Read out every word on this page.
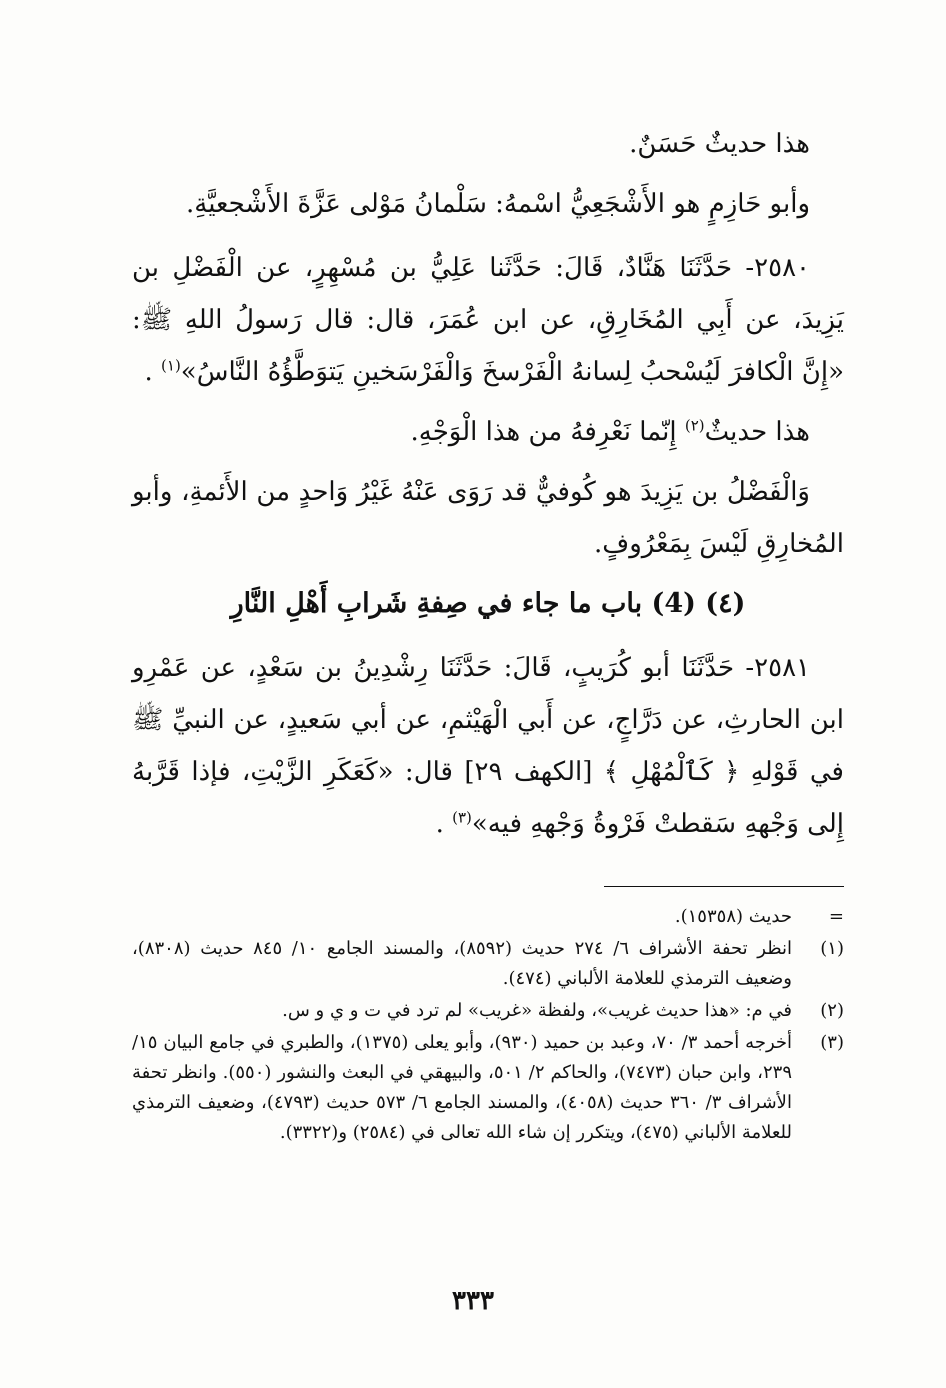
هذا حديثٌ حَسَنٌ.

وأبو حَازِمٍ هو الأَشْجَعِيُّ اسْمهُ: سَلْمانُ مَوْلى عَزَّةَ الأَشْجعيَّةِ.

٢٥٨٠- حَدَّثَنَا هَنَّادٌ، قَالَ: حَدَّثَنا عَلِيُّ بن مُسْهِرٍ، عن الْفَضْلِ بن يَزِيدَ، عن أَبِي المُخَارِقِ، عن ابن عُمَرَ، قال: قال رَسولُ اللهِ ﷺ: «إِنَّ الْكافرَ لَيُسْحبُ لِسانهُ الْفَرْسخَ وَالْفَرْسَخينِ يَتوَطَّؤُهُ النَّاسُ»$^{(١)}$ .

هذا حديثٌ$^{(٢)}$ إِنّما نَعْرِفهُ من هذا الْوَجْهِ.

وَالْفَضْلُ بن يَزِيدَ هو كُوفيٌّ قد رَوَى عَنْهُ غَيْرُ وَاحدٍ من الأَئمةِ، وأبو المُخارِقِ لَيْسَ بِمَعْرُوفٍ.

(٤) (4) باب ما جاء في صِفةِ شَرابِ أَهْلِ النَّارِ

٢٥٨١- حَدَّثَنَا أبو كُرَيبٍ، قَالَ: حَدَّثَنَا رِشْدِينُ بن سَعْدٍ، عن عَمْرِو ابن الحارثِ، عن دَرَّاجٍ، عن أَبي الْهَيْثمِ، عن أبي سَعيدٍ، عن النبيِّ ﷺ في قَوْلهِ ﴿ كَٱلْمُهْلِ ﴾ [الكهف ٢٩] قال: «كَعَكَرِ الزَّيْتِ، فإذا قَرَّبهُ إِلى وَجْههِ سَقطتْ فَرْوةُ وَجْههِ فيه»$^{(٣)}$ .

=
حديث (١٥٣٥٨).
(١)
انظر تحفة الأشراف ٦/ ٢٧٤ حديث (٨٥٩٢)، والمسند الجامع ١٠/ ٨٤٥ حديث (٨٣٠٨)، وضعيف الترمذي للعلامة الألباني (٤٧٤).
(٢)
في م: «هذا حديث غريب»، ولفظة «غريب» لم ترد في ت و ي و س.
(٣)
أخرجه أحمد ٣/ ٧٠، وعبد بن حميد (٩٣٠)، وأبو يعلى (١٣٧٥)، والطبري في جامع البيان ١٥/ ٢٣٩، وابن حبان (٧٤٧٣)، والحاكم ٢/ ٥٠١، والبيهقي في البعث والنشور (٥٥٠). وانظر تحفة الأشراف ٣/ ٣٦٠ حديث (٤٠٥٨)، والمسند الجامع ٦/ ٥٧٣ حديث (٤٧٩٣)، وضعيف الترمذي للعلامة الألباني (٤٧٥)، ويتكرر إن شاء الله تعالى في (٢٥٨٤) و(٣٣٢٢).
٣٣٣
